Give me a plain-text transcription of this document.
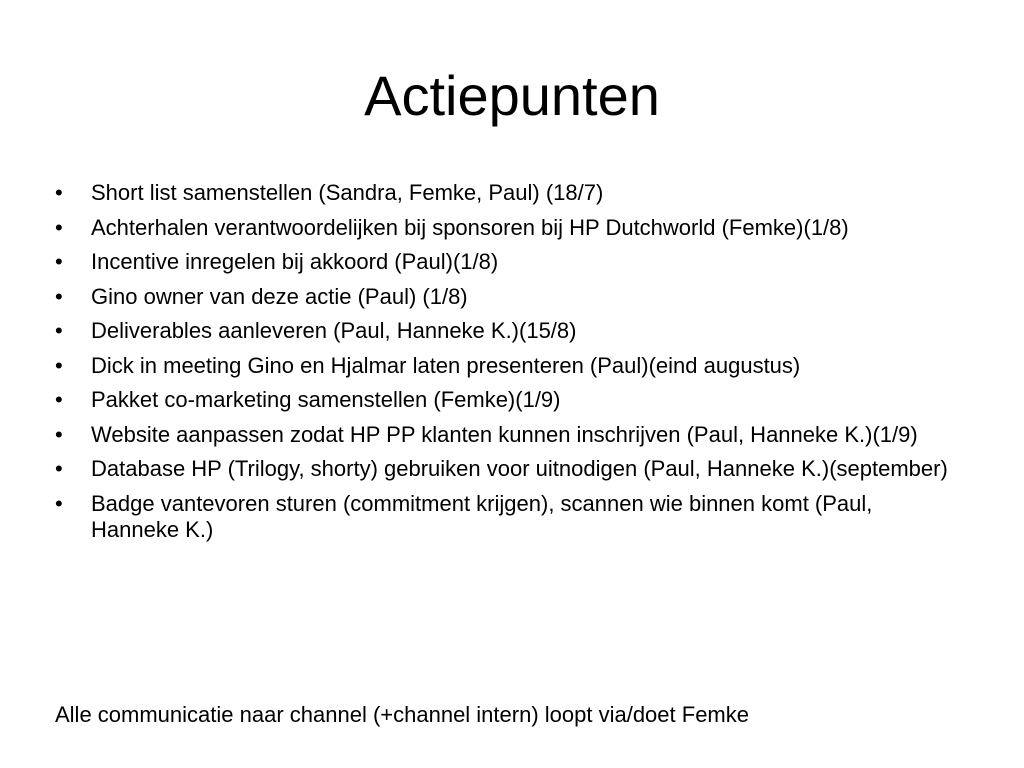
Actiepunten
•	Short list samenstellen (Sandra, Femke, Paul) (18/7)
•	Achterhalen verantwoordelijken bij sponsoren bij HP Dutchworld (Femke)(1/8)
•	Incentive inregelen bij akkoord (Paul)(1/8)
•	Gino owner van deze actie (Paul) (1/8)
•	Deliverables aanleveren (Paul, Hanneke K.)(15/8)
•	Dick in meeting Gino en Hjalmar laten presenteren (Paul)(eind augustus)
•	Pakket co-marketing samenstellen (Femke)(1/9)
•	Website aanpassen zodat HP PP klanten kunnen inschrijven (Paul, Hanneke K.)(1/9)
•	Database HP (Trilogy, shorty) gebruiken voor uitnodigen (Paul, Hanneke K.)(september)
•	Badge vantevoren sturen (commitment krijgen), scannen wie binnen komt (Paul, Hanneke K.)

Alle communicatie naar channel (+channel intern) loopt via/doet Femke
